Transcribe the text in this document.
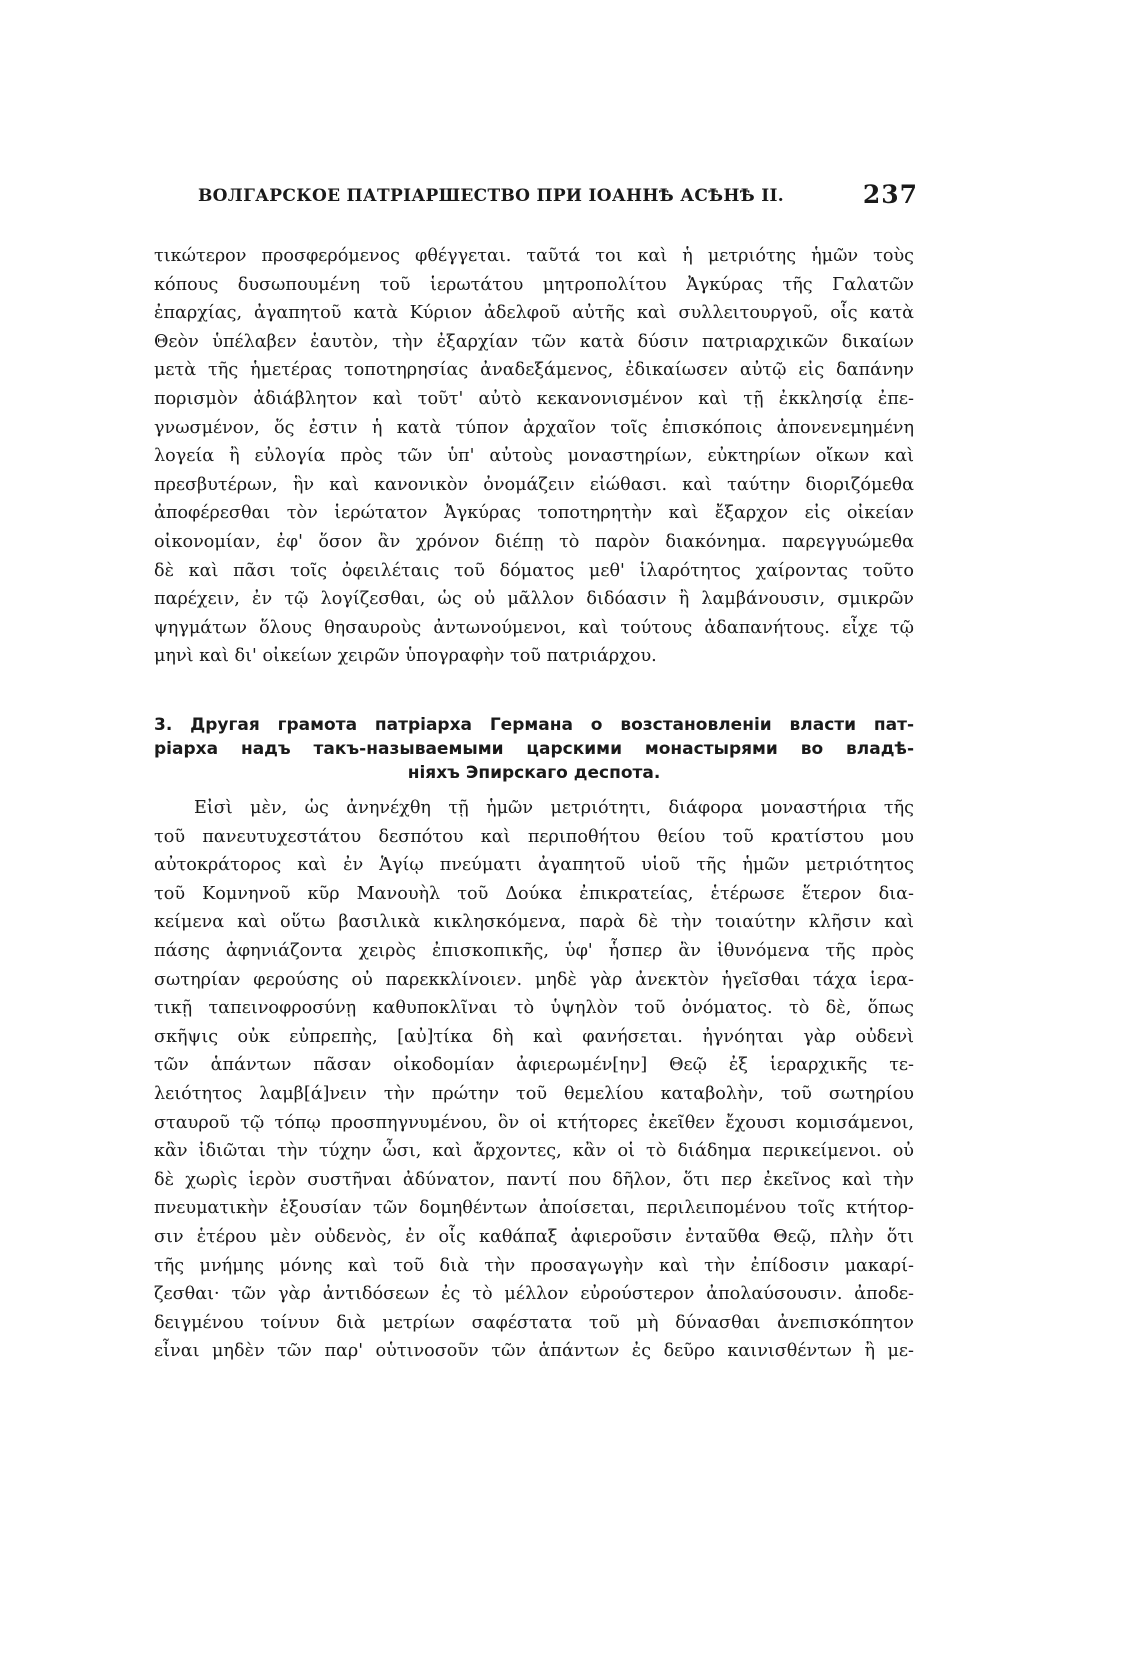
ВОЛГАРСКОЕ ПАТРIАРШЕСТВО ПРИ IОАННѢ АСѢНѢ II.	237
τικώτερον προσφερόμενος φθέγγεται. ταῦτά τοι καὶ ἡ μετριότης ἡμῶν τοὺς
κόπους δυσωπουμένη τοῦ ἱερωτάτου μητροπολίτου Ἀγκύρας τῆς Γαλατῶν
ἐπαρχίας, ἀγαπητοῦ κατὰ Κύριον ἀδελφοῦ αὐτῆς καὶ συλλειτουργοῦ, οἷς κατὰ
Θεὸν ὑπέλαβεν ἑαυτὸν, τὴν ἐξαρχίαν τῶν κατὰ δύσιν πατριαρχικῶν δικαίων
μετὰ τῆς ἡμετέρας τοποτηρησίας ἀναδεξάμενος, ἐδικαίωσεν αὐτῷ εἰς δαπάνην
πορισμὸν ἀδιάβλητον καὶ τοῦτ' αὐτὸ κεκανονισμένον καὶ τῇ ἐκκλησίᾳ ἐπε-
γνωσμένον, ὅς ἐστιν ἡ κατὰ τύπον ἀρχαῖον τοῖς ἐπισκόποις ἀπονενεμημένη
λογεία ἢ εὐλογία πρὸς τῶν ὑπ' αὐτοὺς μοναστηρίων, εὐκτηρίων οἴκων καὶ
πρεσβυτέρων, ἣν καὶ κανονικὸν ὀνομάζειν εἰώθασι. καὶ ταύτην διοριζόμεθα
ἀποφέρεσθαι τὸν ἱερώτατον Ἀγκύρας τοποτηρητὴν καὶ ἔξαρχον εἰς οἰκείαν
οἰκονομίαν, ἐφ' ὅσον ἂν χρόνον διέπῃ τὸ παρὸν διακόνημα. παρεγγυώμεθα
δὲ καὶ πᾶσι τοῖς ὀφειλέταις τοῦ δόματος μεθ' ἱλαρότητος χαίροντας τοῦτο
παρέχειν, ἐν τῷ λογίζεσθαι, ὡς οὐ μᾶλλον διδόασιν ἢ λαμβάνουσιν, σμικρῶν
ψηγμάτων ὅλους θησαυροὺς ἀντωνούμενοι, καὶ τούτους ἀδαπανήτους. εἶχε τῷ
μηνὶ καὶ δι' οἰκείων χειρῶν ὑπογραφὴν τοῦ πατριάρχου.
3. Другая грамота патрiарха Германа о возстановленiи власти пат-
рiарха надъ такъ-называемыми царскими монастырями во владѣ-
нiяхъ Эпирскаго деспота.
Εἰσὶ μὲν, ὡς ἀνηνέχθη τῇ ἡμῶν μετριότητι, διάφορα μοναστήρια τῆς
τοῦ πανευτυχεστάτου δεσπότου καὶ περιποθήτου θείου τοῦ κρατίστου μου
αὐτοκράτορος καὶ ἐν Ἁγίῳ πνεύματι ἀγαπητοῦ υἱοῦ τῆς ἡμῶν μετριότητος
τοῦ Κομνηνοῦ κῦρ Μανουὴλ τοῦ Δούκα ἐπικρατείας, ἑτέρωσε ἕτερον δια-
κείμενα καὶ οὕτω βασιλικὰ κικλησκόμενα, παρὰ δὲ τὴν τοιαύτην κλῆσιν καὶ
πάσης ἀφηνιάζοντα χειρὸς ἐπισκοπικῆς, ὑφ' ἧσπερ ἂν ἰθυνόμενα τῆς πρὸς
σωτηρίαν φερούσης οὐ παρεκκλίνοιεν. μηδὲ γὰρ ἀνεκτὸν ἡγεῖσθαι τάχα ἱερα-
τικῇ ταπεινοφροσύνῃ καθυποκλῖναι τὸ ὑψηλὸν τοῦ ὀνόματος. τὸ δὲ, ὅπως
σκῆψις οὐκ εὐπρεπὴς, [αὐ]τίκα δὴ καὶ φανήσεται. ἠγνόηται γὰρ οὐδενὶ
τῶν ἁπάντων πᾶσαν οἰκοδομίαν ἀφιερωμέν[ην] Θεῷ ἐξ ἱεραρχικῆς τε-
λειότητος λαμβ[ά]νειν τὴν πρώτην τοῦ θεμελίου καταβολὴν, τοῦ σωτηρίου
σταυροῦ τῷ τόπῳ προσπηγνυμένου, ὃν οἱ κτήτορες ἐκεῖθεν ἔχουσι κομισάμενοι,
κἂν ἰδιῶται τὴν τύχην ὦσι, καὶ ἄρχοντες, κἂν οἱ τὸ διάδημα περικείμενοι. οὐ
δὲ χωρὶς ἱερὸν συστῆναι ἀδύνατον, παντί που δῆλον, ὅτι περ ἐκεῖνος καὶ τὴν
πνευματικὴν ἐξουσίαν τῶν δομηθέντων ἀποίσεται, περιλειπομένου τοῖς κτήτορ-
σιν ἑτέρου μὲν οὐδενὸς, ἐν οἷς καθάπαξ ἀφιεροῦσιν ἐνταῦθα Θεῷ, πλὴν ὅτι
τῆς μνήμης μόνης καὶ τοῦ διὰ τὴν προσαγωγὴν καὶ τὴν ἐπίδοσιν μακαρί-
ζεσθαι· τῶν γὰρ ἀντιδόσεων ἐς τὸ μέλλον εὐρούστερον ἀπολαύσουσιν. ἀποδε-
δειγμένου τοίνυν διὰ μετρίων σαφέστατα τοῦ μὴ δύνασθαι ἀνεπισκόπητον
εἶναι μηδὲν τῶν παρ' οὑτινοσοῦν τῶν ἁπάντων ἐς δεῦρο καινισθέντων ἢ με-
